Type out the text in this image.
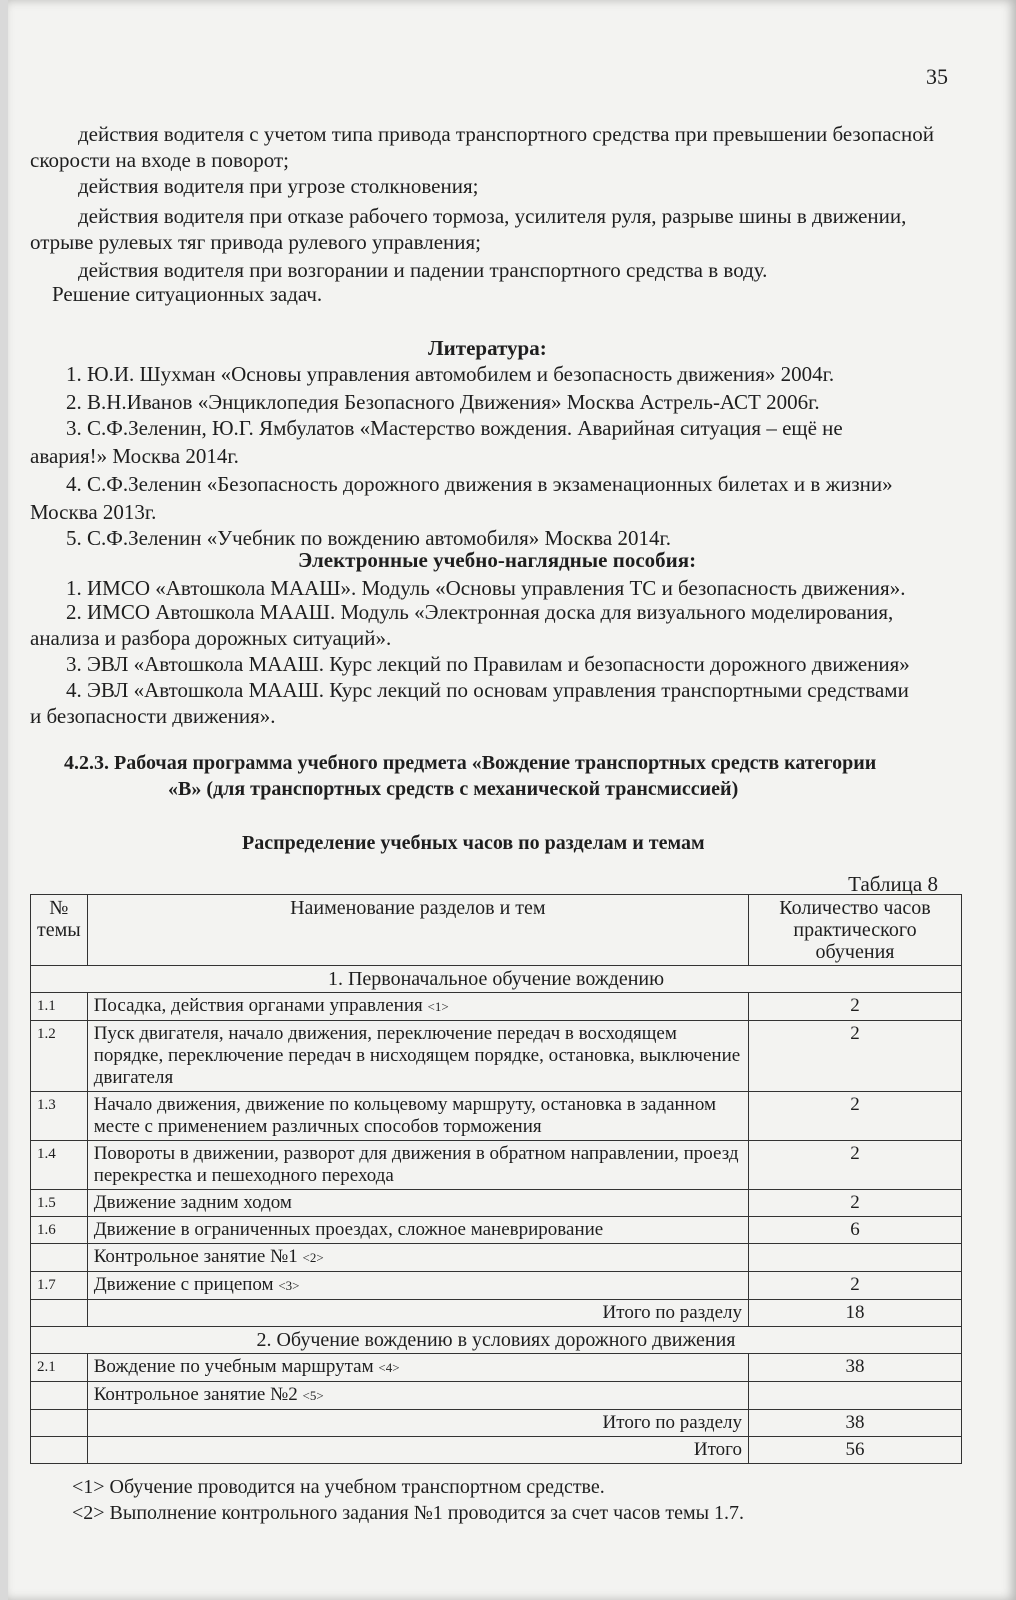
35
действия водителя с учетом типа привода транспортного средства при превышении безопасной
скорости на входе в поворот;
действия водителя при угрозе столкновения;
действия водителя при отказе рабочего тормоза, усилителя руля, разрыве шины в движении,
отрыве рулевых тяг привода рулевого управления;
действия водителя при возгорании и падении транспортного средства в воду.
Решение ситуационных задач.
Литература:
1. Ю.И. Шухман «Основы управления автомобилем и безопасность движения» 2004г.
2. В.Н.Иванов «Энциклопедия Безопасного Движения» Москва Астрель-АСТ 2006г.
3. С.Ф.Зеленин, Ю.Г. Ямбулатов «Мастерство вождения. Аварийная ситуация – ещё не
авария!» Москва 2014г.
4. С.Ф.Зеленин «Безопасность дорожного движения в экзаменационных билетах и в жизни»
Москва 2013г.
5. С.Ф.Зеленин «Учебник по вождению автомобиля» Москва 2014г.
Электронные учебно-наглядные пособия:
1. ИМСО «Автошкола МААШ». Модуль «Основы управления ТС и безопасность движения».
2. ИМСО Автошкола МААШ. Модуль «Электронная доска для визуального моделирования,
анализа и разбора дорожных ситуаций».
3. ЭВЛ «Автошкола МААШ. Курс лекций по Правилам и безопасности дорожного движения»
4. ЭВЛ «Автошкола МААШ. Курс лекций по основам управления транспортными средствами
и безопасности движения».
4.2.3. Рабочая программа учебного предмета «Вождение транспортных средств категории
«В» (для транспортных средств с механической трансмиссией)
Распределение учебных часов по разделам и темам
Таблица 8
№ темы	Наименование разделов и тем	Количество часов практического обучения
1. Первоначальное обучение вождению		
1.1	Посадка, действия органами управления <1>	2
1.2	Пуск двигателя, начало движения, переключение передач в восходящем порядке, переключение передач в нисходящем порядке, остановка, выключение двигателя	2
1.3	Начало движения, движение по кольцевому маршруту, остановка в заданном месте с применением различных способов торможения	2
1.4	Повороты в движении, разворот для движения в обратном направлении, проезд перекрестка и пешеходного перехода	2
1.5	Движение задним ходом	2
1.6	Движение в ограниченных проездах, сложное маневрирование	6
	Контрольное занятие №1 <2>	
1.7	Движение с прицепом <3>	2
	Итого по разделу	18
2. Обучение вождению в условиях дорожного движения		
2.1	Вождение по учебным маршрутам <4>	38
	Контрольное занятие №2 <5>	
	Итого по разделу	38
	Итого	56
<1> Обучение проводится на учебном транспортном средстве.
<2> Выполнение контрольного задания №1 проводится за счет часов темы 1.7.
